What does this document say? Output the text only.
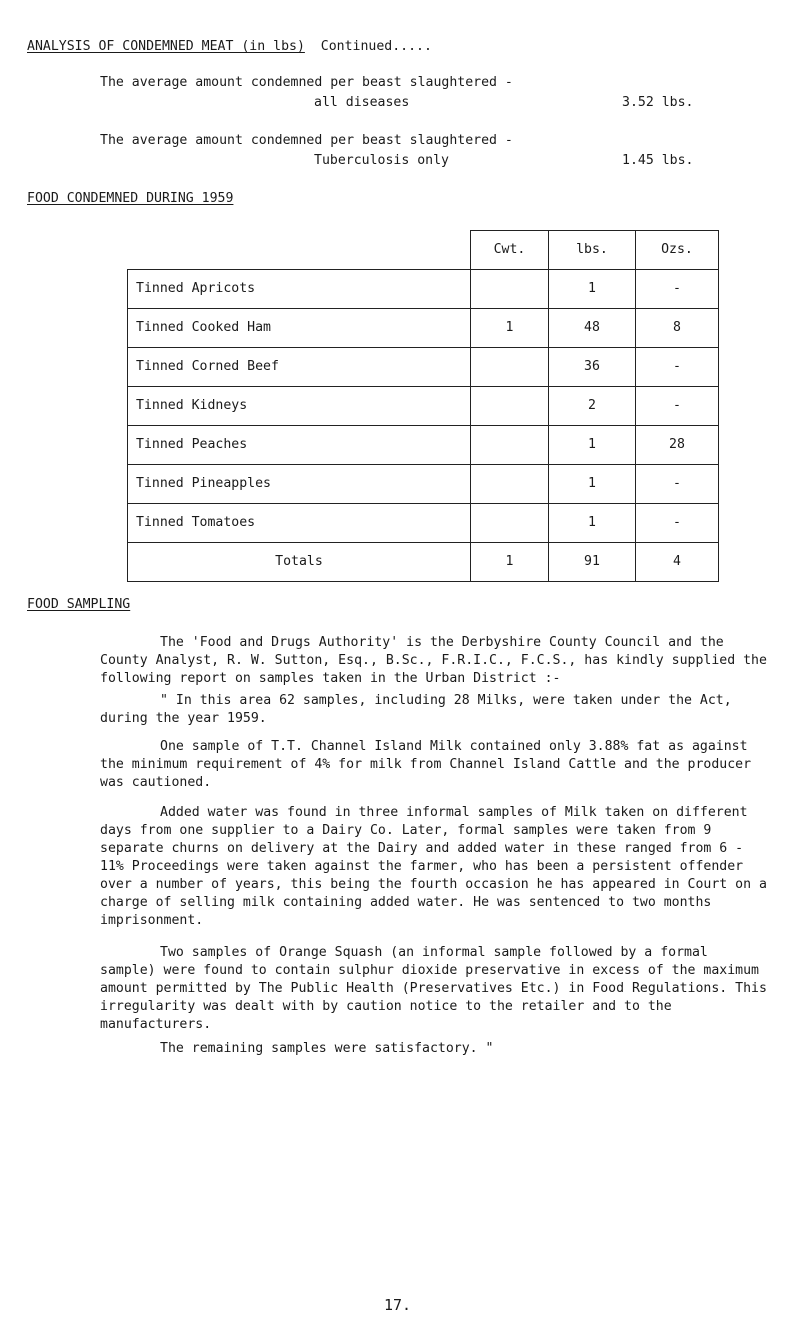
ANALYSIS OF CONDEMNED MEAT (in lbs) Continued.....
The average amount condemned per beast slaughtered -
all diseases	3.52 lbs.
The average amount condemned per beast slaughtered -
Tuberculosis only	1.45 lbs.
FOOD CONDEMNED DURING 1959
	Cwt.	lbs.	Ozs.
Tinned Apricots		1	-
Tinned Cooked Ham	1	48	8
Tinned Corned Beef		36	-
Tinned Kidneys		2	-
Tinned Peaches		1	28
Tinned Pineapples		1	-
Tinned Tomatoes		1	-
Totals	1	91	4
FOOD SAMPLING
The 'Food and Drugs Authority' is the Derbyshire County Council and the County Analyst, R. W. Sutton, Esq., B.Sc., F.R.I.C., F.C.S., has kindly supplied the following report on samples taken in the Urban District :-
" In this area 62 samples, including 28 Milks, were taken under the Act, during the year 1959.
One sample of T.T. Channel Island Milk contained only 3.88% fat as against the minimum requirement of 4% for milk from Channel Island Cattle and the producer was cautioned.
Added water was found in three informal samples of Milk taken on different days from one supplier to a Dairy Co. Later, formal samples were taken from 9 separate churns on delivery at the Dairy and added water in these ranged from 6 - 11% Proceedings were taken against the farmer, who has been a persistent offender over a number of years, this being the fourth occasion he has appeared in Court on a charge of selling milk containing added water. He was sentenced to two months imprisonment.
Two samples of Orange Squash (an informal sample followed by a formal sample) were found to contain sulphur dioxide preservative in excess of the maximum amount permitted by The Public Health (Preservatives Etc.) in Food Regulations. This irregularity was dealt with by caution notice to the retailer and to the manufacturers.
The remaining samples were satisfactory. "
17.
